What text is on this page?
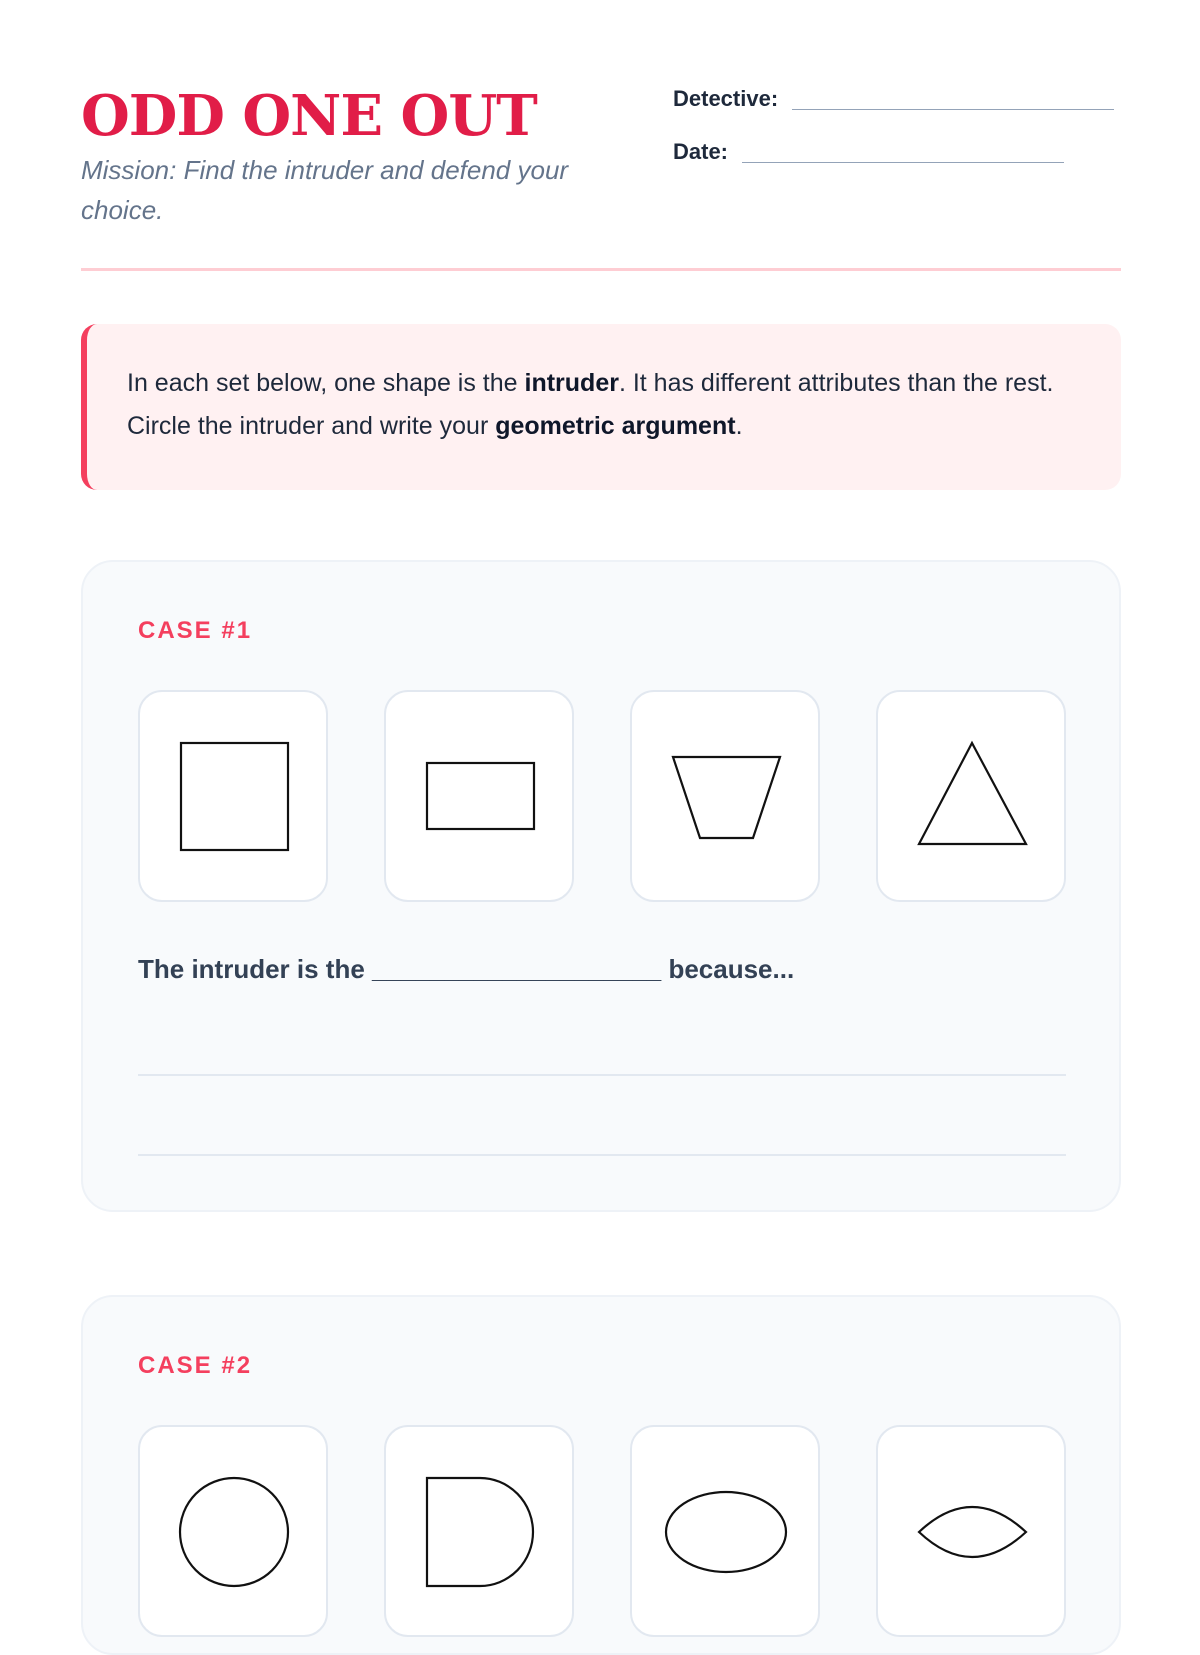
ODD ONE OUT
Mission: Find the intruder and defend your choice.
Detective:
Date:
In each set below, one shape is the intruder. It has different attributes than the rest. Circle the intruder and write your geometric argument.
CASE #1
The intruder is the ____________________ because...
CASE #2
